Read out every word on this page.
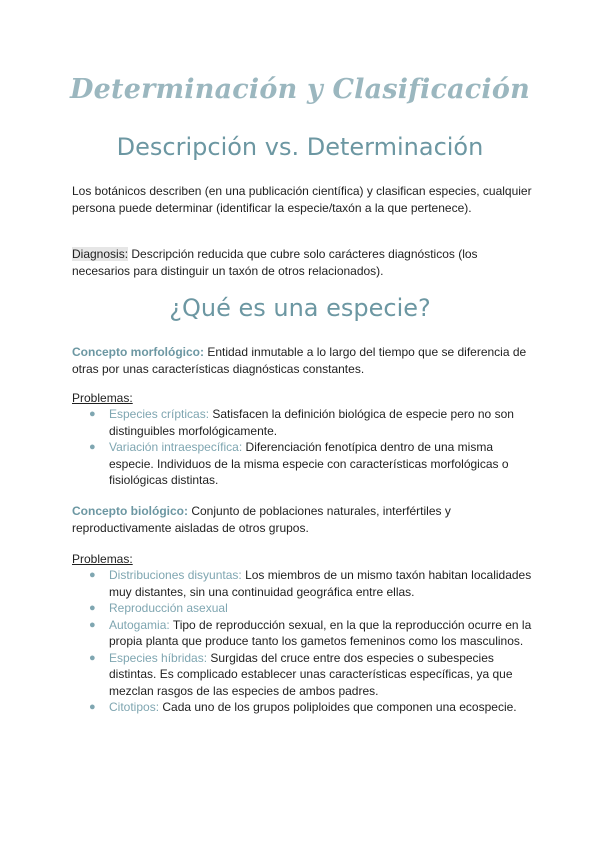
Determinación y Clasificación
Descripción vs. Determinación

Los botánicos describen (en una publicación científica) y clasifican especies, cualquier persona puede determinar (identificar la especie/taxón a la que pertenece).

Diagnosis: Descripción reducida que cubre solo carácteres diagnósticos (los necesarios para distinguir un taxón de otros relacionados).

¿Qué es una especie?

Concepto morfológico: Entidad inmutable a lo largo del tiempo que se diferencia de otras por unas características diagnósticas constantes.

Problemas:

● Especies crípticas: Satisfacen la definición biológica de especie pero no son distinguibles morfológicamente.
● Variación intraespecífica: Diferenciación fenotípica dentro de una misma especie. Individuos de la misma especie con características morfológicas o fisiológicas distintas.

Concepto biológico: Conjunto de poblaciones naturales, interfértiles y reproductivamente aisladas de otros grupos.

Problemas:

● Distribuciones disyuntas: Los miembros de un mismo taxón habitan localidades muy distantes, sin una continuidad geográfica entre ellas.
● Reproducción asexual
● Autogamia: Tipo de reproducción sexual, en la que la reproducción ocurre en la propia planta que produce tanto los gametos femeninos como los masculinos.
● Especies híbridas: Surgidas del cruce entre dos especies o subespecies distintas. Es complicado establecer unas características específicas, ya que mezclan rasgos de las especies de ambos padres.
● Citotipos: Cada uno de los grupos poliploides que componen una ecospecie.
